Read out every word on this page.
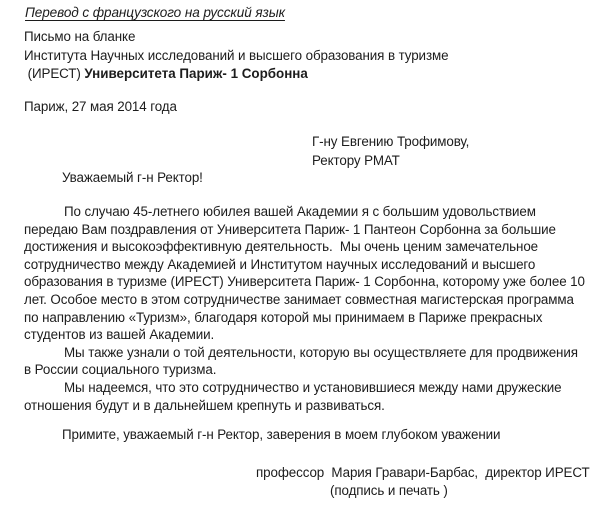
Перевод с французского на русский язык
Письмо на бланке
Института Научных исследований и высшего образования в туризме
(ИРЕСТ) Университета Париж- 1 Сорбонна
Париж, 27 мая 2014 года
Г-ну Евгению Трофимову,
Ректору РМАТ
Уважаемый г-н Ректор!
По случаю 45-летнего юбилея вашей Академии я с большим удовольствием
передаю Вам поздравления от Университета Париж- 1 Пантеон Сорбонна за большие
достижения и высокоэффективную деятельность.  Мы очень ценим замечательное
сотрудничество между Академией и Институтом научных исследований и высшего
образования в туризме (ИРЕСТ) Университета Париж- 1 Сорбонна, которому уже более 10
лет. Особое место в этом сотрудничестве занимает совместная магистерская программа
по направлению «Туризм», благодаря которой мы принимаем в Париже прекрасных
студентов из вашей Академии.
Мы также узнали о той деятельности, которую вы осуществляете для продвижения
в России социального туризма.
Мы надеемся, что это сотрудничество и установившиеся между нами дружеские
отношения будут и в дальнейшем крепнуть и развиваться.
Примите, уважаемый г-н Ректор, заверения в моем глубоком уважении
профессор  Мария Гравари-Барбас,  директор ИРЕСТ
(подпись и печать )
